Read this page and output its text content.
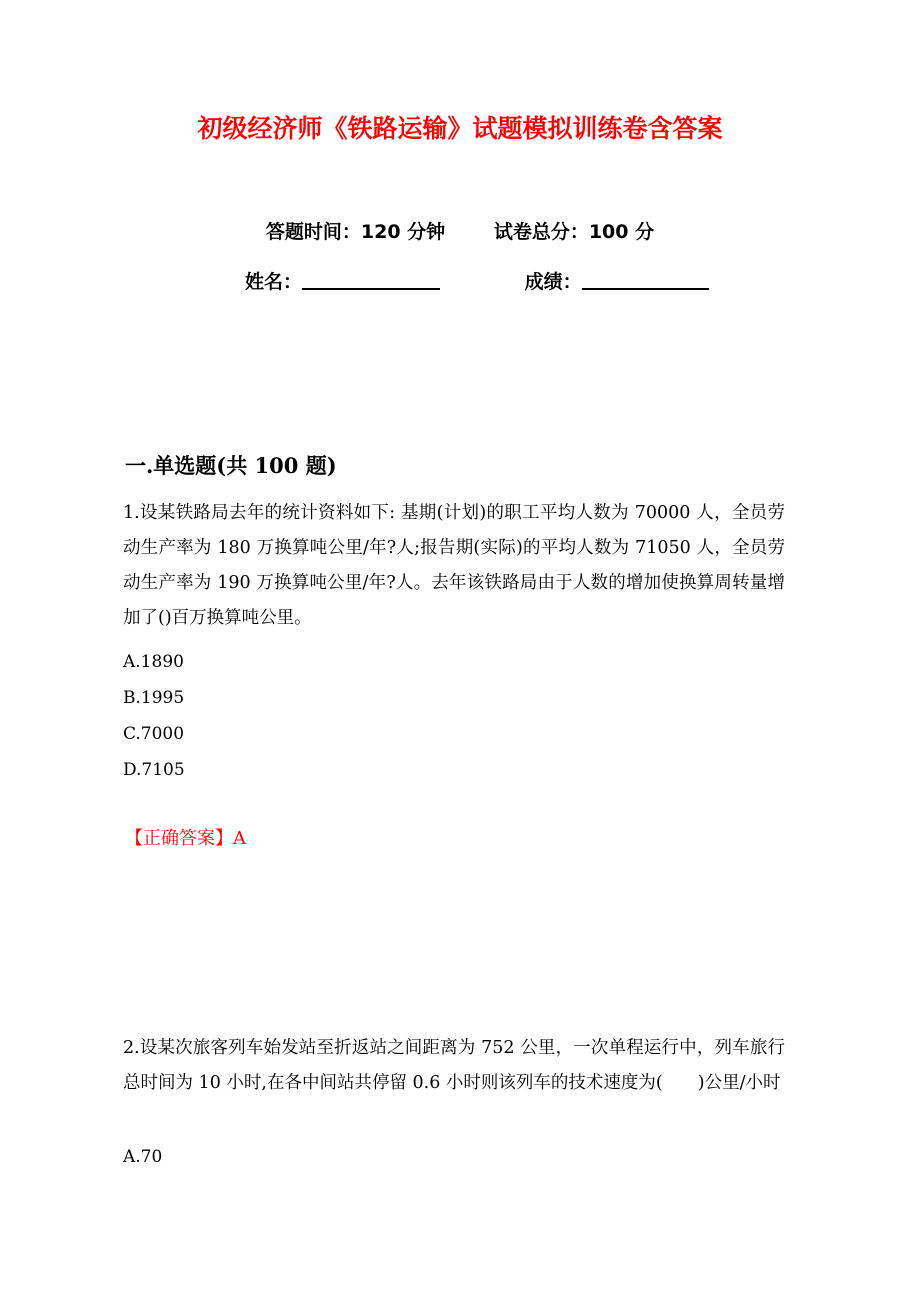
初级经济师《铁路运输》试题模拟训练卷含答案
答题时间：120 分钟	试卷总分：100 分
姓名：	成绩：
一.单选题(共 100 题)

1.设某铁路局去年的统计资料如下: 基期(计划)的职工平均人数为 70000 人，全员劳动生产率为 180 万换算吨公里/年?人;报告期(实际)的平均人数为 71050 人，全员劳动生产率为 190 万换算吨公里/年?人。去年该铁路局由于人数的增加使换算周转量增加了()百万换算吨公里。

A.1890
B.1995
C.7000
D.7105

【正确答案】A

2.设某次旅客列车始发站至折返站之间距离为 752 公里，一次单程运行中，列车旅行总时间为 10 小时,在各中间站共停留 0.6 小时则该列车的技术速度为(　　)公里/小时

A.70
